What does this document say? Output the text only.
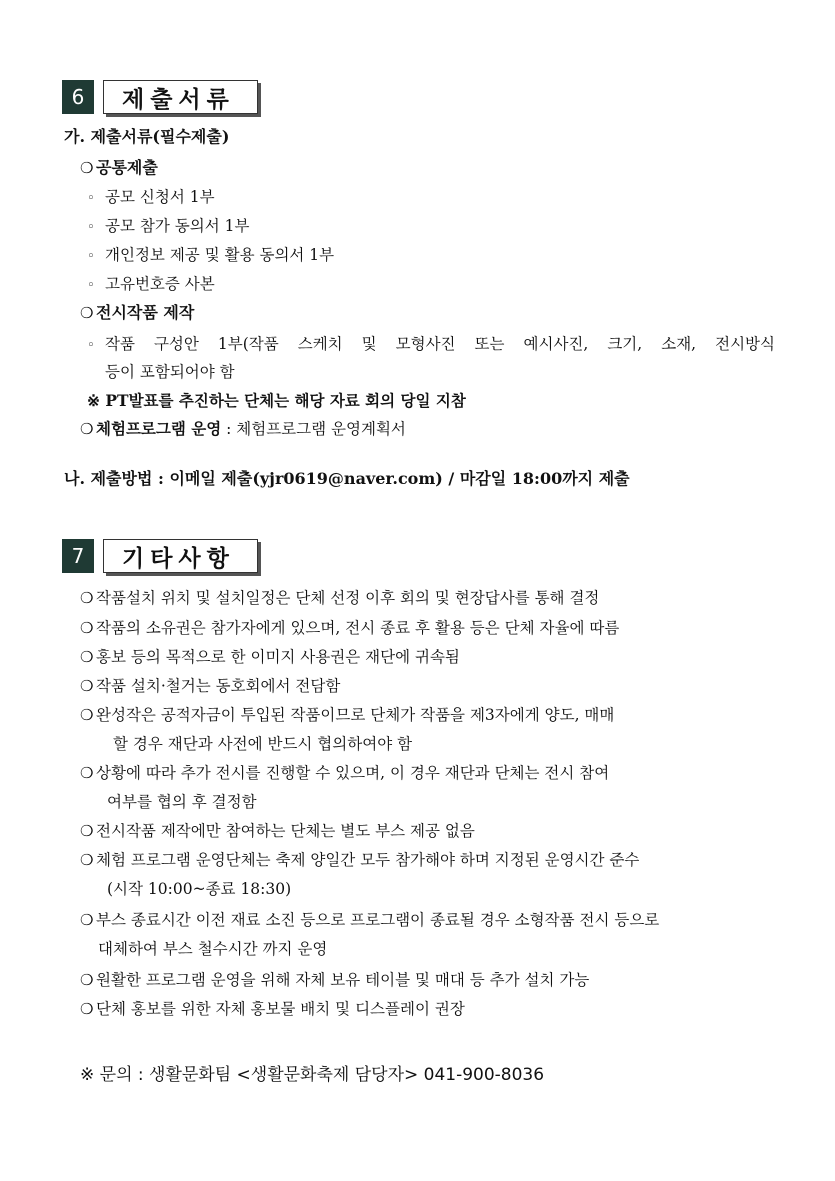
6	제출서류
가. 제출서류(필수제출)
❍ 공통제출
◦ 공모 신청서 1부
◦ 공모 참가 동의서 1부
◦ 개인정보 제공 및 활용 동의서 1부
◦ 고유번호증 사본
❍ 전시작품 제작
◦ 작품 구성안 1부(작품 스케치 및 모형사진 또는 예시사진, 크기, 소재, 전시방식
등이 포함되어야 함
※ PT발표를 추진하는 단체는 해당 자료 회의 당일 지참
❍ 체험프로그램 운영 : 체험프로그램 운영계획서
나. 제출방법 : 이메일 제출(yjr0619@naver.com) / 마감일 18:00까지 제출
7	기타사항
❍ 작품설치 위치 및 설치일정은 단체 선정 이후 회의 및 현장답사를 통해 결정
❍ 작품의 소유권은 참가자에게 있으며, 전시 종료 후 활용 등은 단체 자율에 따름
❍ 홍보 등의 목적으로 한 이미지 사용권은 재단에 귀속됨
❍ 작품 설치·철거는 동호회에서 전담함
❍ 완성작은 공적자금이 투입된 작품이므로 단체가 작품을 제3자에게 양도, 매매
할 경우 재단과 사전에 반드시 협의하여야 함
❍ 상황에 따라 추가 전시를 진행할 수 있으며, 이 경우 재단과 단체는 전시 참여
여부를 협의 후 결정함
❍ 전시작품 제작에만 참여하는 단체는 별도 부스 제공 없음
❍ 체험 프로그램 운영단체는 축제 양일간 모두 참가해야 하며 지정된 운영시간 준수
(시작 10:00~종료 18:30)
❍ 부스 종료시간 이전 재료 소진 등으로 프로그램이 종료될 경우 소형작품 전시 등으로
대체하여 부스 철수시간 까지 운영
❍ 원활한 프로그램 운영을 위해 자체 보유 테이블 및 매대 등 추가 설치 가능
❍ 단체 홍보를 위한 자체 홍보물 배치 및 디스플레이 권장
※ 문의 : 생활문화팀 <생활문화축제 담당자> 041-900-8036
